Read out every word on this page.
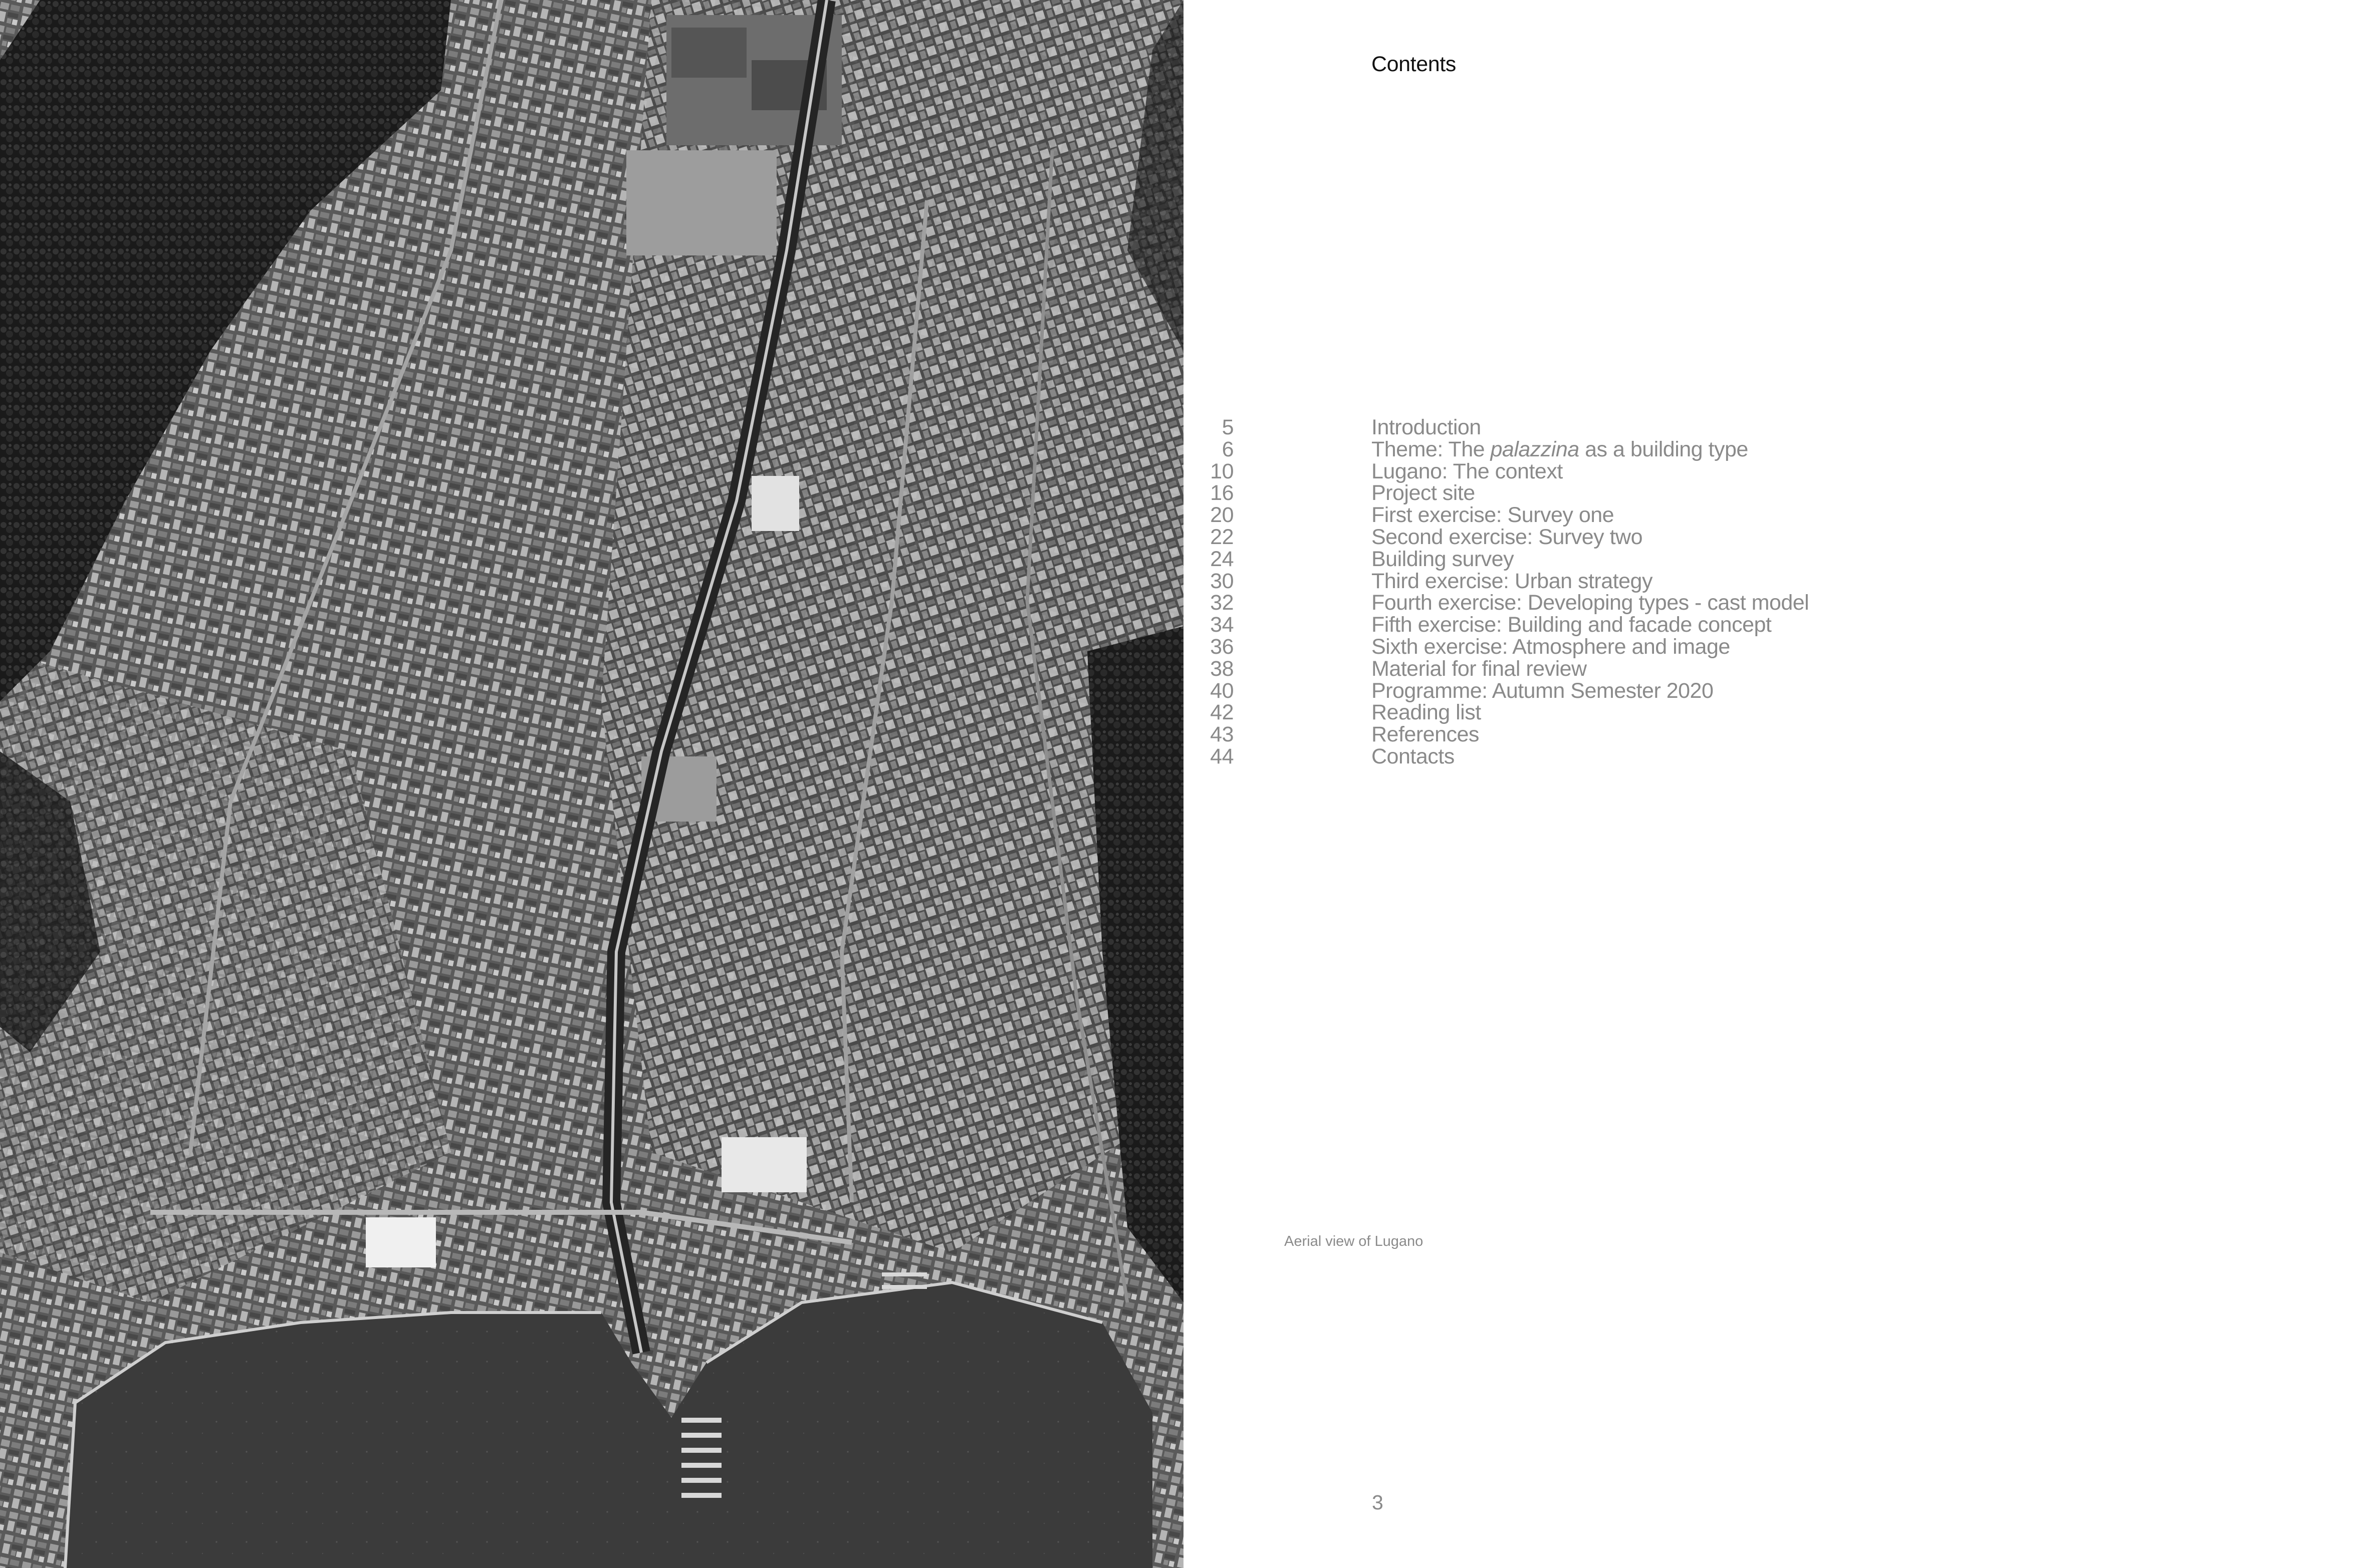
Contents
5	Introduction
6	Theme: The palazzina as a building type
10	Lugano: The context
16	Project site
20	First exercise: Survey one
22	Second exercise: Survey two
24	Building survey
30	Third exercise: Urban strategy
32	Fourth exercise: Developing types - cast model
34	Fifth exercise: Building and facade concept
36	Sixth exercise: Atmosphere and image
38	Material for final review
40	Programme: Autumn Semester 2020
42	Reading list
43	References
44	Contacts
Aerial view of Lugano
3
